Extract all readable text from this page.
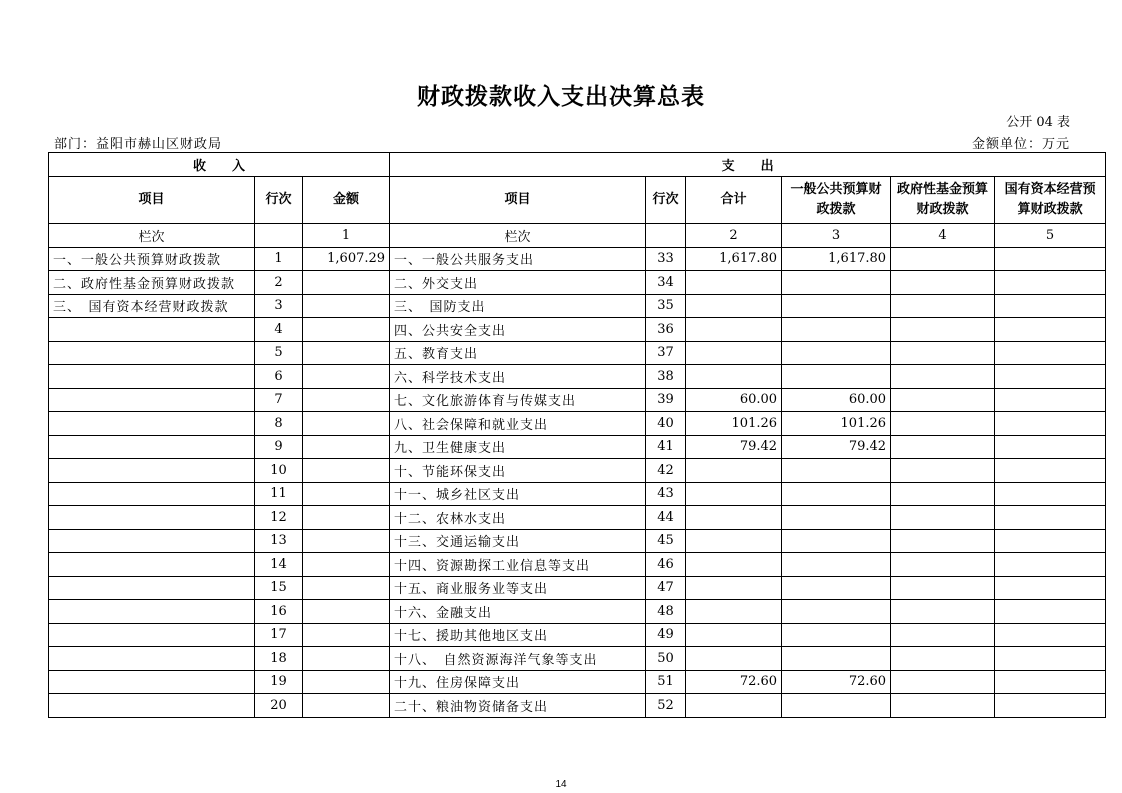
财政拨款收入支出决算总表
公开 04 表
部门：益阳市赫山区财政局	金额单位：万元
收　　入			支　　出					
项目	行次	金额	项目	行次	合计	一般公共预算财政拨款	政府性基金预算财政拨款	国有资本经营预算财政拨款
栏次		1	栏次		2	3	4	5
一、一般公共预算财政拨款	1	1,607.29	一、一般公共服务支出	33	1,617.80	1,617.80		
二、政府性基金预算财政拨款	2		二、外交支出	34				
三、　国有资本经营财政拨款	3		三、　国防支出	35				
	4		四、公共安全支出	36				
	5		五、教育支出	37				
	6		六、科学技术支出	38				
	7		七、文化旅游体育与传媒支出	39	60.00	60.00		
	8		八、社会保障和就业支出	40	101.26	101.26		
	9		九、卫生健康支出	41	79.42	79.42		
	10		十、节能环保支出	42				
	11		十一、城乡社区支出	43				
	12		十二、农林水支出	44				
	13		十三、交通运输支出	45				
	14		十四、资源勘探工业信息等支出	46				
	15		十五、商业服务业等支出	47				
	16		十六、金融支出	48				
	17		十七、援助其他地区支出	49				
	18		十八、　自然资源海洋气象等支出	50				
	19		十九、住房保障支出	51	72.60	72.60		
	20		二十、粮油物资储备支出	52				
14
